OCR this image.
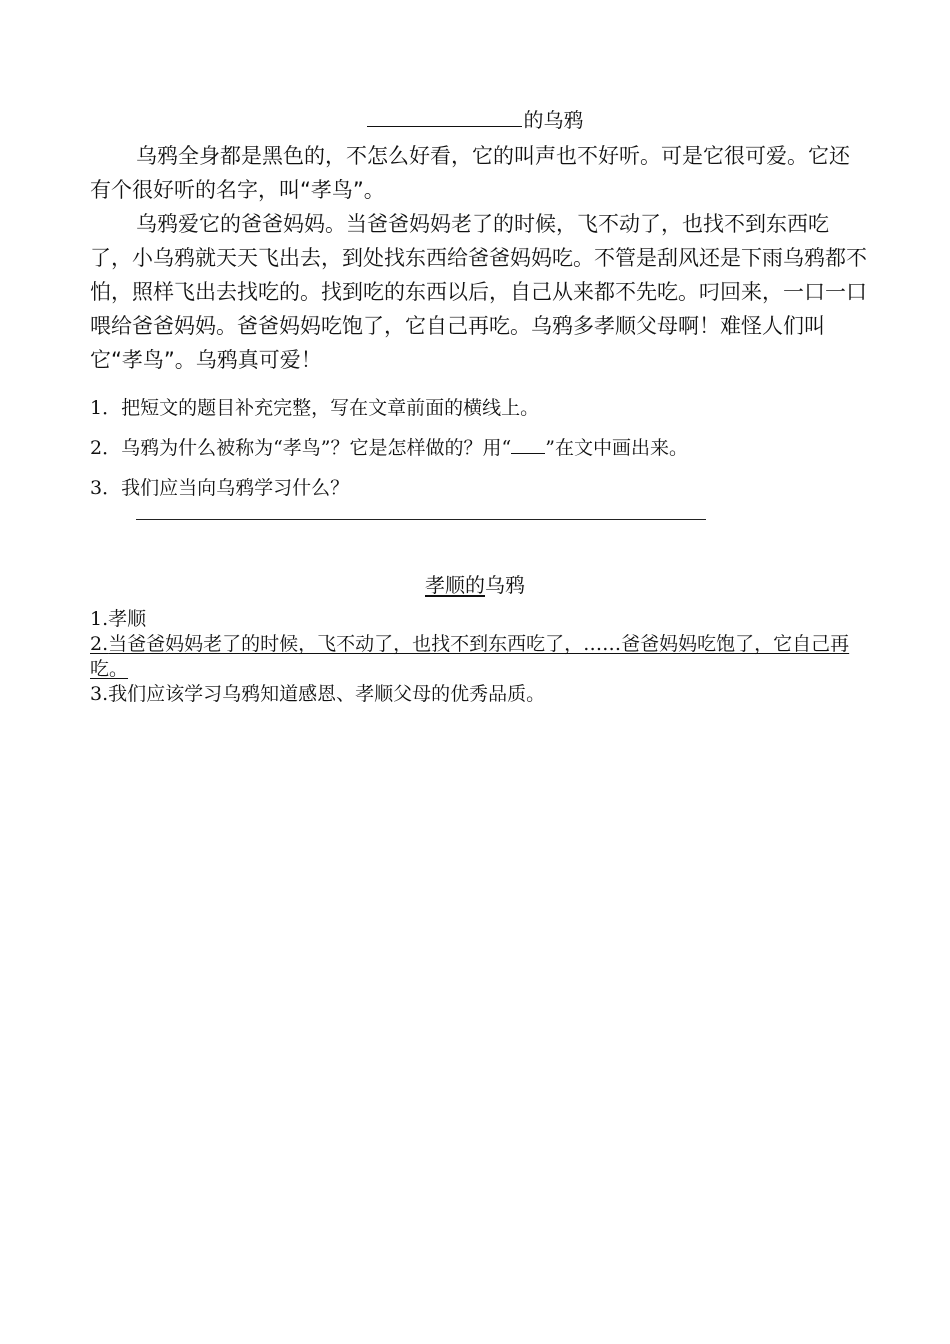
的乌鸦

乌鸦全身都是黑色的，不怎么好看，它的叫声也不好听。可是它很可爱。它还有个很好听的名字，叫“孝鸟”。

乌鸦爱它的爸爸妈妈。当爸爸妈妈老了的时候，飞不动了，也找不到东西吃了，小乌鸦就天天飞出去，到处找东西给爸爸妈妈吃。不管是刮风还是下雨乌鸦都不怕，照样飞出去找吃的。找到吃的东西以后，自己从来都不先吃。叼回来，一口一口喂给爸爸妈妈。爸爸妈妈吃饱了，它自己再吃。乌鸦多孝顺父母啊！难怪人们叫它“孝鸟”。乌鸦真可爱！

1．把短文的题目补充完整，写在文章前面的横线上。

2．乌鸦为什么被称为“孝鸟”？它是怎样做的？用“ ”在文中画出来。

3．我们应当向乌鸦学习什么？

孝顺的乌鸦

1.孝顺

2.当爸爸妈妈老了的时候，飞不动了，也找不到东西吃了，……爸爸妈妈吃饱了，它自己再吃。

3.我们应该学习乌鸦知道感恩、孝顺父母的优秀品质。
